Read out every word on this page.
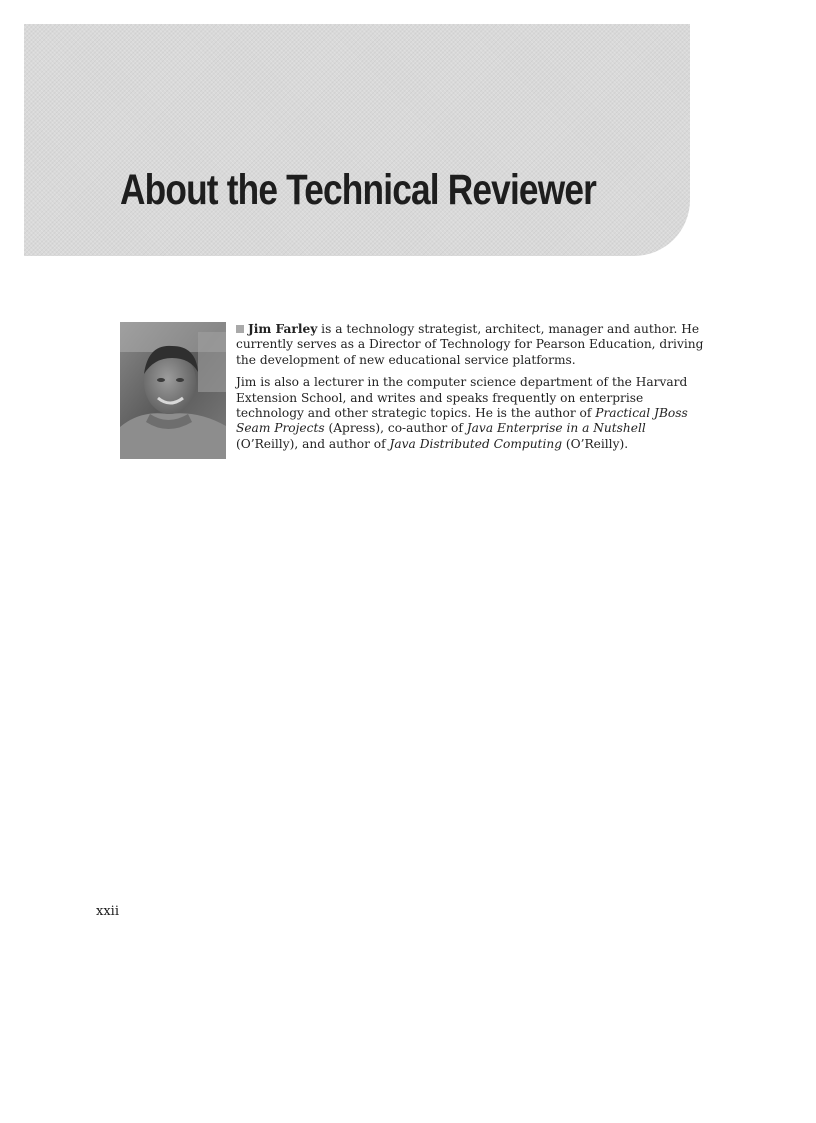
About the Technical Reviewer

Jim Farley is a technology strategist, architect, manager and author. He currently serves as a Director of Technology for Pearson Education, driving the development of new educational service platforms.

Jim is also a lecturer in the computer science department of the Harvard Extension School, and writes and speaks frequently on enterprise technology and other strategic topics. He is the author of Practical JBoss Seam Projects (Apress), co-author of Java Enterprise in a Nutshell (O’Reilly), and author of Java Distributed Computing (O’Reilly).

xxii
